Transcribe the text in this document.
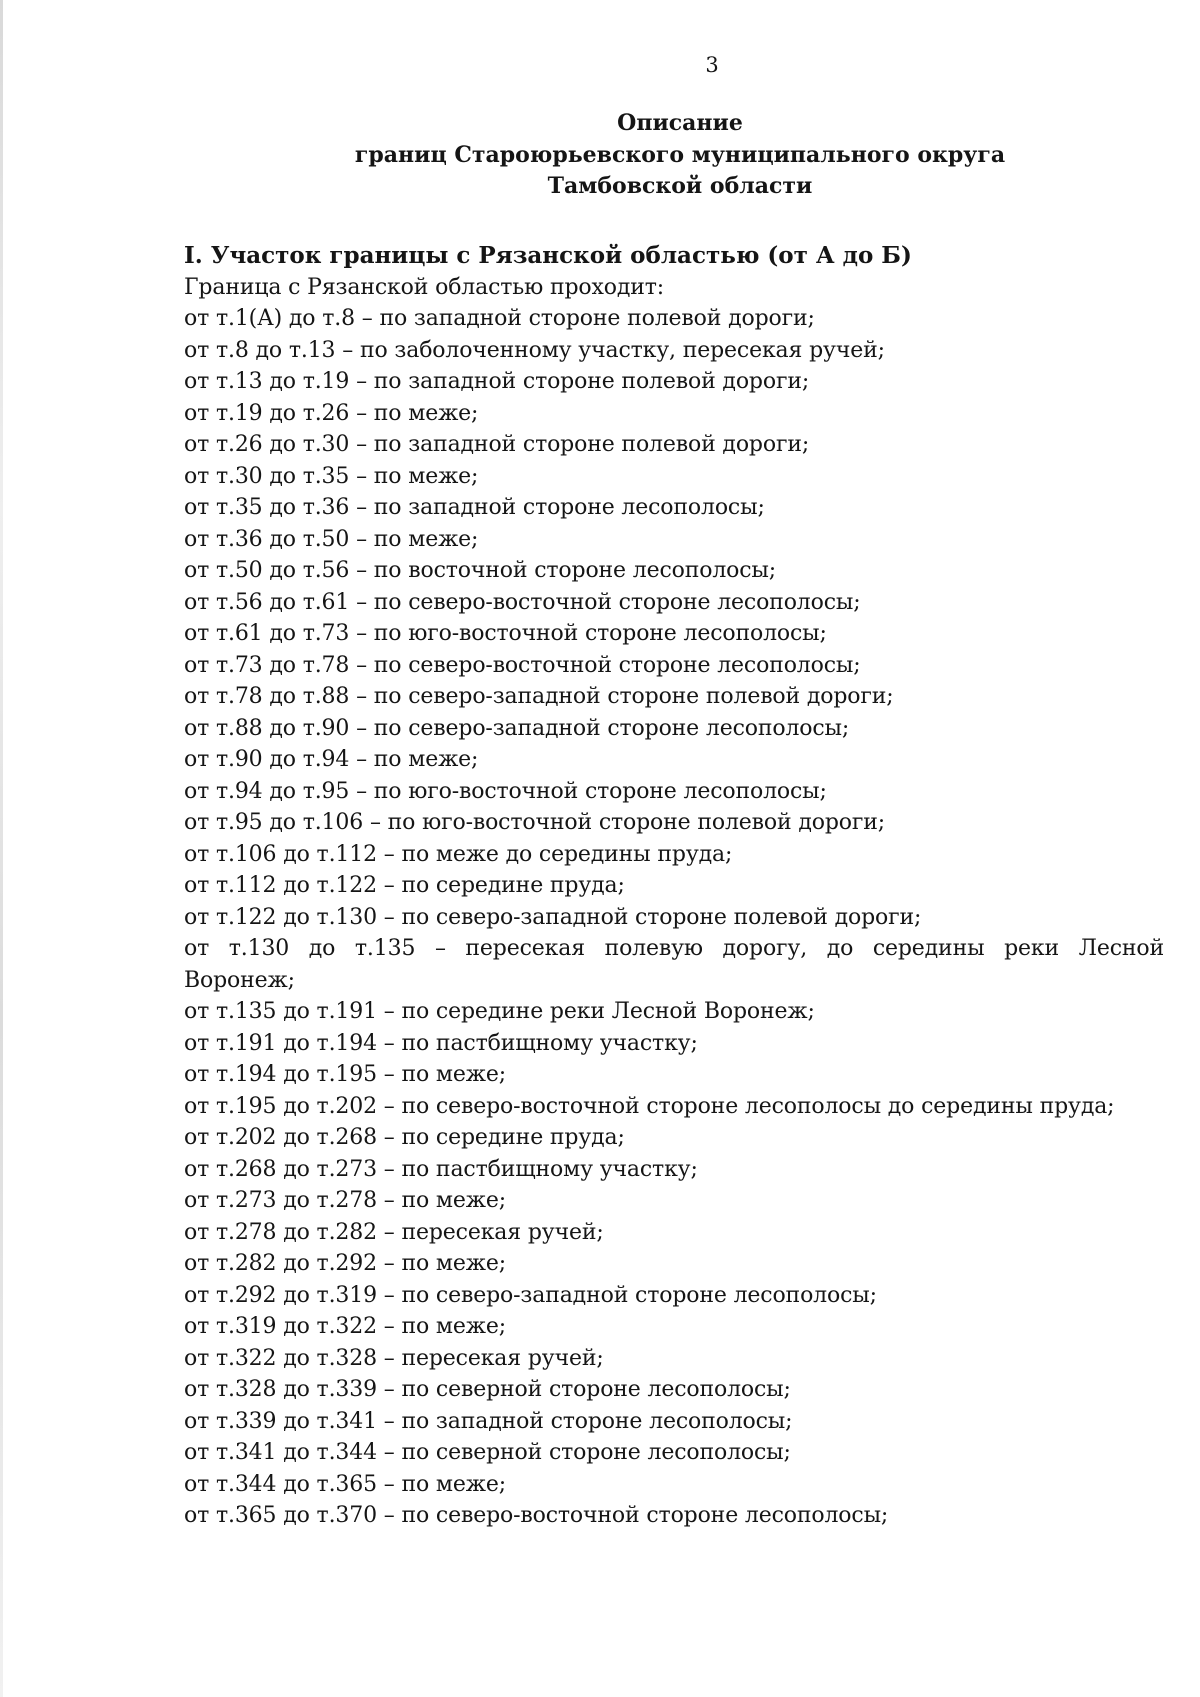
3
Описание
границ Староюрьевского муниципального округа
Тамбовской области
I. Участок границы с Рязанской областью (от А до Б)
Граница с Рязанской областью проходит:
от т.1(А) до т.8 – по западной стороне полевой дороги;
от т.8 до т.13 – по заболоченному участку, пересекая ручей;
от т.13 до т.19 – по западной стороне полевой дороги;
от т.19 до т.26 – по меже;
от т.26 до т.30 – по западной стороне полевой дороги;
от т.30 до т.35 – по меже;
от т.35 до т.36 – по западной стороне лесополосы;
от т.36 до т.50 – по меже;
от т.50 до т.56 – по восточной стороне лесополосы;
от т.56 до т.61 – по северо-восточной стороне лесополосы;
от т.61 до т.73 – по юго-восточной стороне лесополосы;
от т.73 до т.78 – по северо-восточной стороне лесополосы;
от т.78 до т.88 – по северо-западной стороне полевой дороги;
от т.88 до т.90 – по северо-западной стороне лесополосы;
от т.90 до т.94 – по меже;
от т.94 до т.95 – по юго-восточной стороне лесополосы;
от т.95 до т.106 – по юго-восточной стороне полевой дороги;
от т.106 до т.112 – по меже до середины пруда;
от т.112 до т.122 – по середине пруда;
от т.122 до т.130 – по северо-западной стороне полевой дороги;
от т.130 до т.135 – пересекая полевую дорогу, до середины реки Лесной Воронеж;
от т.135 до т.191 – по середине реки Лесной Воронеж;
от т.191 до т.194 – по пастбищному участку;
от т.194 до т.195 – по меже;
от т.195 до т.202 – по северо-восточной стороне лесополосы до середины пруда;
от т.202 до т.268 – по середине пруда;
от т.268 до т.273 – по пастбищному участку;
от т.273 до т.278 – по меже;
от т.278 до т.282 – пересекая ручей;
от т.282 до т.292 – по меже;
от т.292 до т.319 – по северо-западной стороне лесополосы;
от т.319 до т.322 – по меже;
от т.322 до т.328 – пересекая ручей;
от т.328 до т.339 – по северной стороне лесополосы;
от т.339 до т.341 – по западной стороне лесополосы;
от т.341 до т.344 – по северной стороне лесополосы;
от т.344 до т.365 – по меже;
от т.365 до т.370 – по северо-восточной стороне лесополосы;
